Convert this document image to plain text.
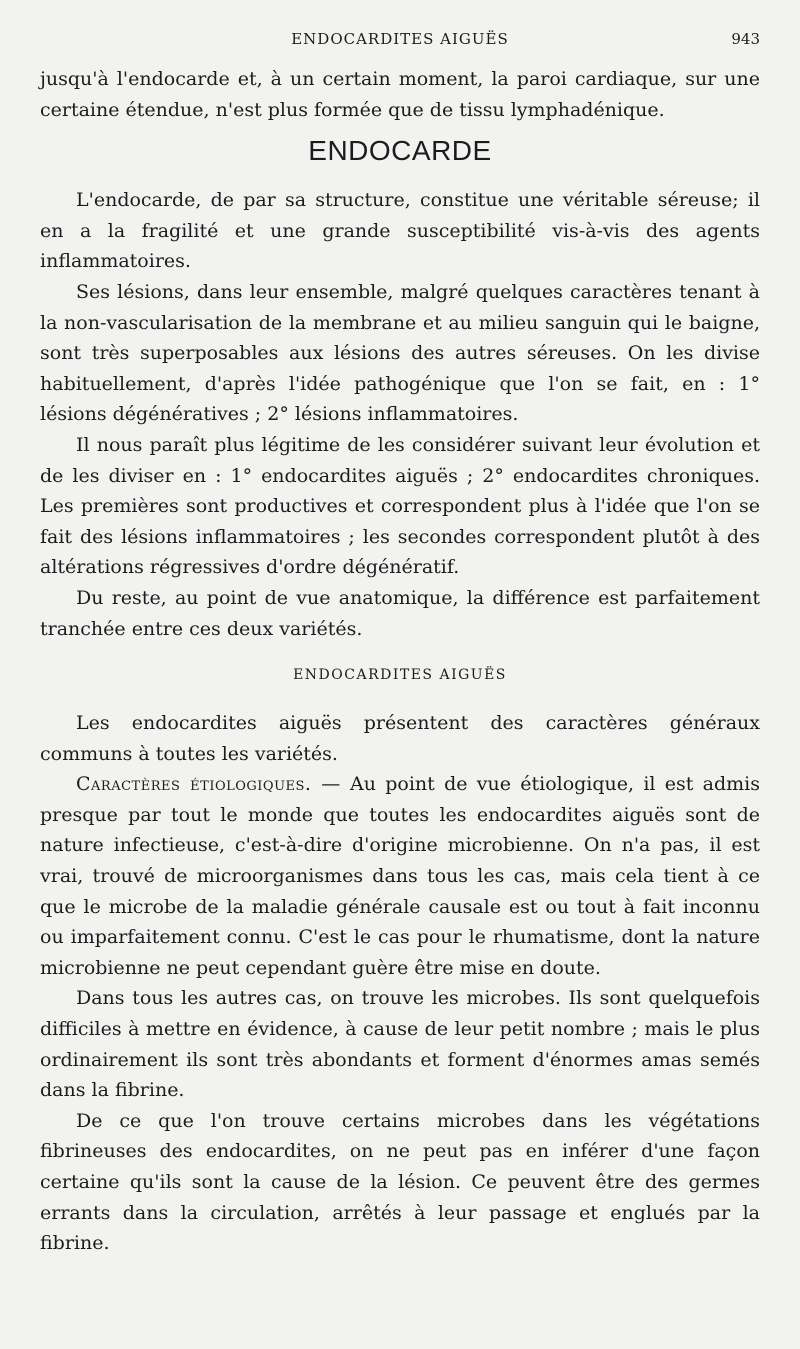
ENDOCARDITES AIGUËS	943

jusqu'à l'endocarde et, à un certain moment, la paroi cardiaque, sur une certaine étendue, n'est plus formée que de tissu lymphadénique.

ENDOCARDE

L'endocarde, de par sa structure, constitue une véritable séreuse; il en a la fragilité et une grande susceptibilité vis-à-vis des agents inflammatoires.

Ses lésions, dans leur ensemble, malgré quelques caractères tenant à la non-vascularisation de la membrane et au milieu sanguin qui le baigne, sont très superposables aux lésions des autres séreuses. On les divise habituellement, d'après l'idée pathogénique que l'on se fait, en : 1° lésions dégénératives ; 2° lésions inflammatoires.

Il nous paraît plus légitime de les considérer suivant leur évolution et de les diviser en : 1° endocardites aiguës ; 2° endocardites chroniques. Les premières sont productives et correspondent plus à l'idée que l'on se fait des lésions inflammatoires ; les secondes correspondent plutôt à des altérations régressives d'ordre dégénératif.

Du reste, au point de vue anatomique, la différence est parfaitement tranchée entre ces deux variétés.

ENDOCARDITES AIGUËS

Les endocardites aiguës présentent des caractères généraux communs à toutes les variétés.

Caractères étiologiques. — Au point de vue étiologique, il est admis presque par tout le monde que toutes les endocardites aiguës sont de nature infectieuse, c'est-à-dire d'origine microbienne. On n'a pas, il est vrai, trouvé de microorganismes dans tous les cas, mais cela tient à ce que le microbe de la maladie générale causale est ou tout à fait inconnu ou imparfaitement connu. C'est le cas pour le rhumatisme, dont la nature microbienne ne peut cependant guère être mise en doute.

Dans tous les autres cas, on trouve les microbes. Ils sont quelquefois difficiles à mettre en évidence, à cause de leur petit nombre ; mais le plus ordinairement ils sont très abondants et forment d'énormes amas semés dans la fibrine.

De ce que l'on trouve certains microbes dans les végétations fibrineuses des endocardites, on ne peut pas en inférer d'une façon certaine qu'ils sont la cause de la lésion. Ce peuvent être des germes errants dans la circulation, arrêtés à leur passage et englués par la fibrine.
